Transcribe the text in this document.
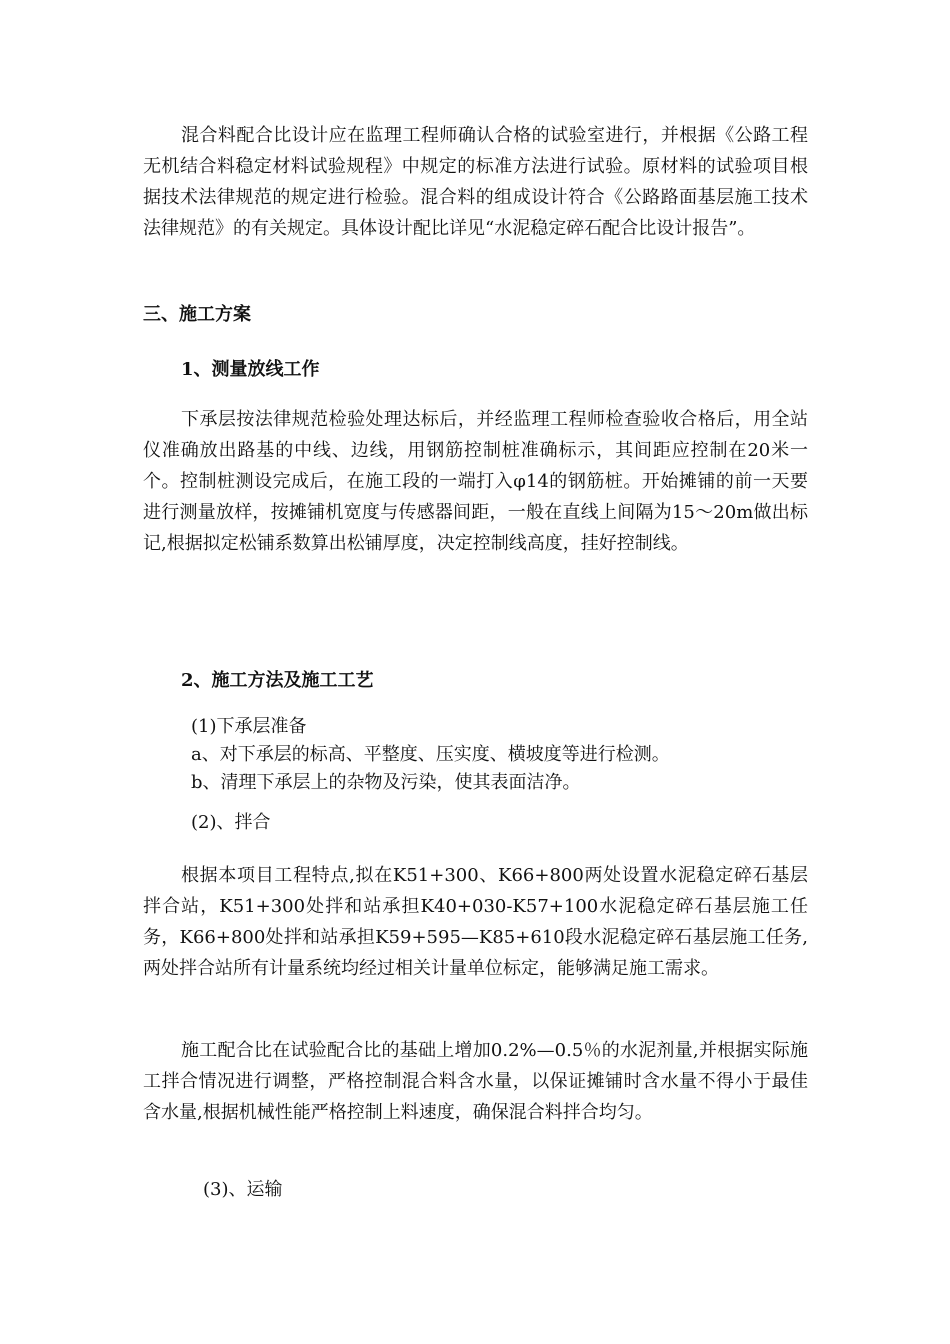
混合料配合比设计应在监理工程师确认合格的试验室进行，并根据《公路工程无机结合料稳定材料试验规程》中规定的标准方法进行试验。原材料的试验项目根据技术法律规范的规定进行检验。混合料的组成设计符合《公路路面基层施工技术法律规范》的有关规定。具体设计配比详见“水泥稳定碎石配合比设计报告”。

三、施工方案

1、测量放线工作

下承层按法律规范检验处理达标后，并经监理工程师检查验收合格后，用全站仪准确放出路基的中线、边线，用钢筋控制桩准确标示，其间距应控制在20米一个。控制桩测设完成后，在施工段的一端打入φ14的钢筋桩。开始摊铺的前一天要进行测量放样，按摊铺机宽度与传感器间距，一般在直线上间隔为15～20m做出标记,根据拟定松铺系数算出松铺厚度，决定控制线高度，挂好控制线。

2、施工方法及施工工艺

(1)下承层准备

a、对下承层的标高、平整度、压实度、横坡度等进行检测。

b、清理下承层上的杂物及污染，使其表面洁净。

(2)、拌合

根据本项目工程特点,拟在K51+300、K66+800两处设置水泥稳定碎石基层拌合站，K51+300处拌和站承担K40+030-K57+100水泥稳定碎石基层施工任务，K66+800处拌和站承担K59+595—K85+610段水泥稳定碎石基层施工任务,两处拌合站所有计量系统均经过相关计量单位标定，能够满足施工需求。

施工配合比在试验配合比的基础上增加0.2%—0.5％的水泥剂量,并根据实际施工拌合情况进行调整，严格控制混合料含水量，以保证摊铺时含水量不得小于最佳含水量,根据机械性能严格控制上料速度，确保混合料拌合均匀。

(3)、运输
